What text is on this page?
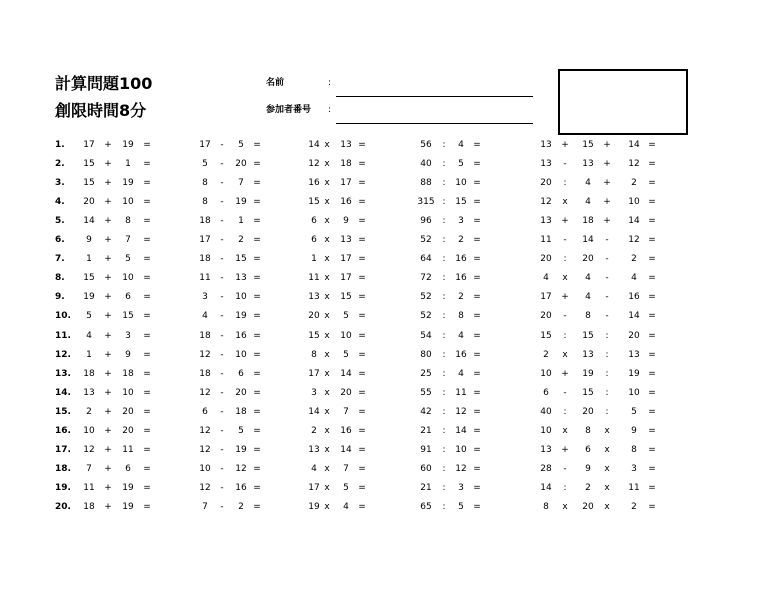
計算問題100
創限時間8分
名前	:
参加者番号 :
1.	17	+	19	=	17	-	5	=	14 x	13 =	56	:	4	=	13	+	15	+	14 =
2.	15	+	1	=	5	-	20 =	12 x	18 =	40	:	5	=	13	-	13	+	12 =
3.	15	+	19	=	8	-	7	=	16 x	17 =	88	:	10 =	20	:	4	+	2	=
4.	20	+	10	=	8	-	19 =	15 x	16 =	315 :	15 =	12	x	4	+	10 =
5.	14	+	8	=	18	-	1	=	6 x	9	=	96	:	3	=	13	+	18	+	14 =
6.	9	+	7	=	17	-	2	=	6 x	13 =	52	:	2	=	11	-	14	-	12 =
7.	1	+	5	=	18	-	15 =	1 x	17 =	64	:	16 =	20	:	20	-	2	=
8.	15	+	10	=	11	-	13 =	11 x	17 =	72	:	16 =	4	x	4	-	4	=
9.	19	+	6	=	3	-	10 =	13 x	15 =	52	:	2	=	17	+	4	-	16 =
10.	5	+	15	=	4	-	19 =	20 x	5	=	52	:	8	=	20	-	8	-	14 =
11.	4	+	3	=	18	-	16 =	15 x	10 =	54	:	4	=	15	:	15	:	20 =
12.	1	+	9	=	12	-	10 =	8 x	5	=	80	:	16 =	2	x	13	:	13 =
13.	18	+	18	=	18	-	6	=	17 x	14 =	25	:	4	=	10	+	19	:	19 =
14.	13	+	10	=	12	-	20 =	3 x	20 =	55	:	11 =	6	-	15	:	10 =
15.	2	+	20	=	6	-	18 =	14 x	7	=	42	:	12 =	40	:	20	:	5	=
16.	10	+	20	=	12	-	5	=	2 x	16 =	21	:	14 =	10	x	8	x	9	=
17.	12	+	11	=	12	-	19 =	13 x	14 =	91	:	10 =	13	+	6	x	8	=
18.	7	+	6	=	10	-	12 =	4 x	7	=	60	:	12 =	28	-	9	x	3	=
19.	11	+	19	=	12	-	16 =	17 x	5	=	21	:	3	=	14	:	2	x	11 =
20.	18	+	19	=	7	-	2	=	19 x	4	=	65	:	5	=	8	x	20	x	2	=
